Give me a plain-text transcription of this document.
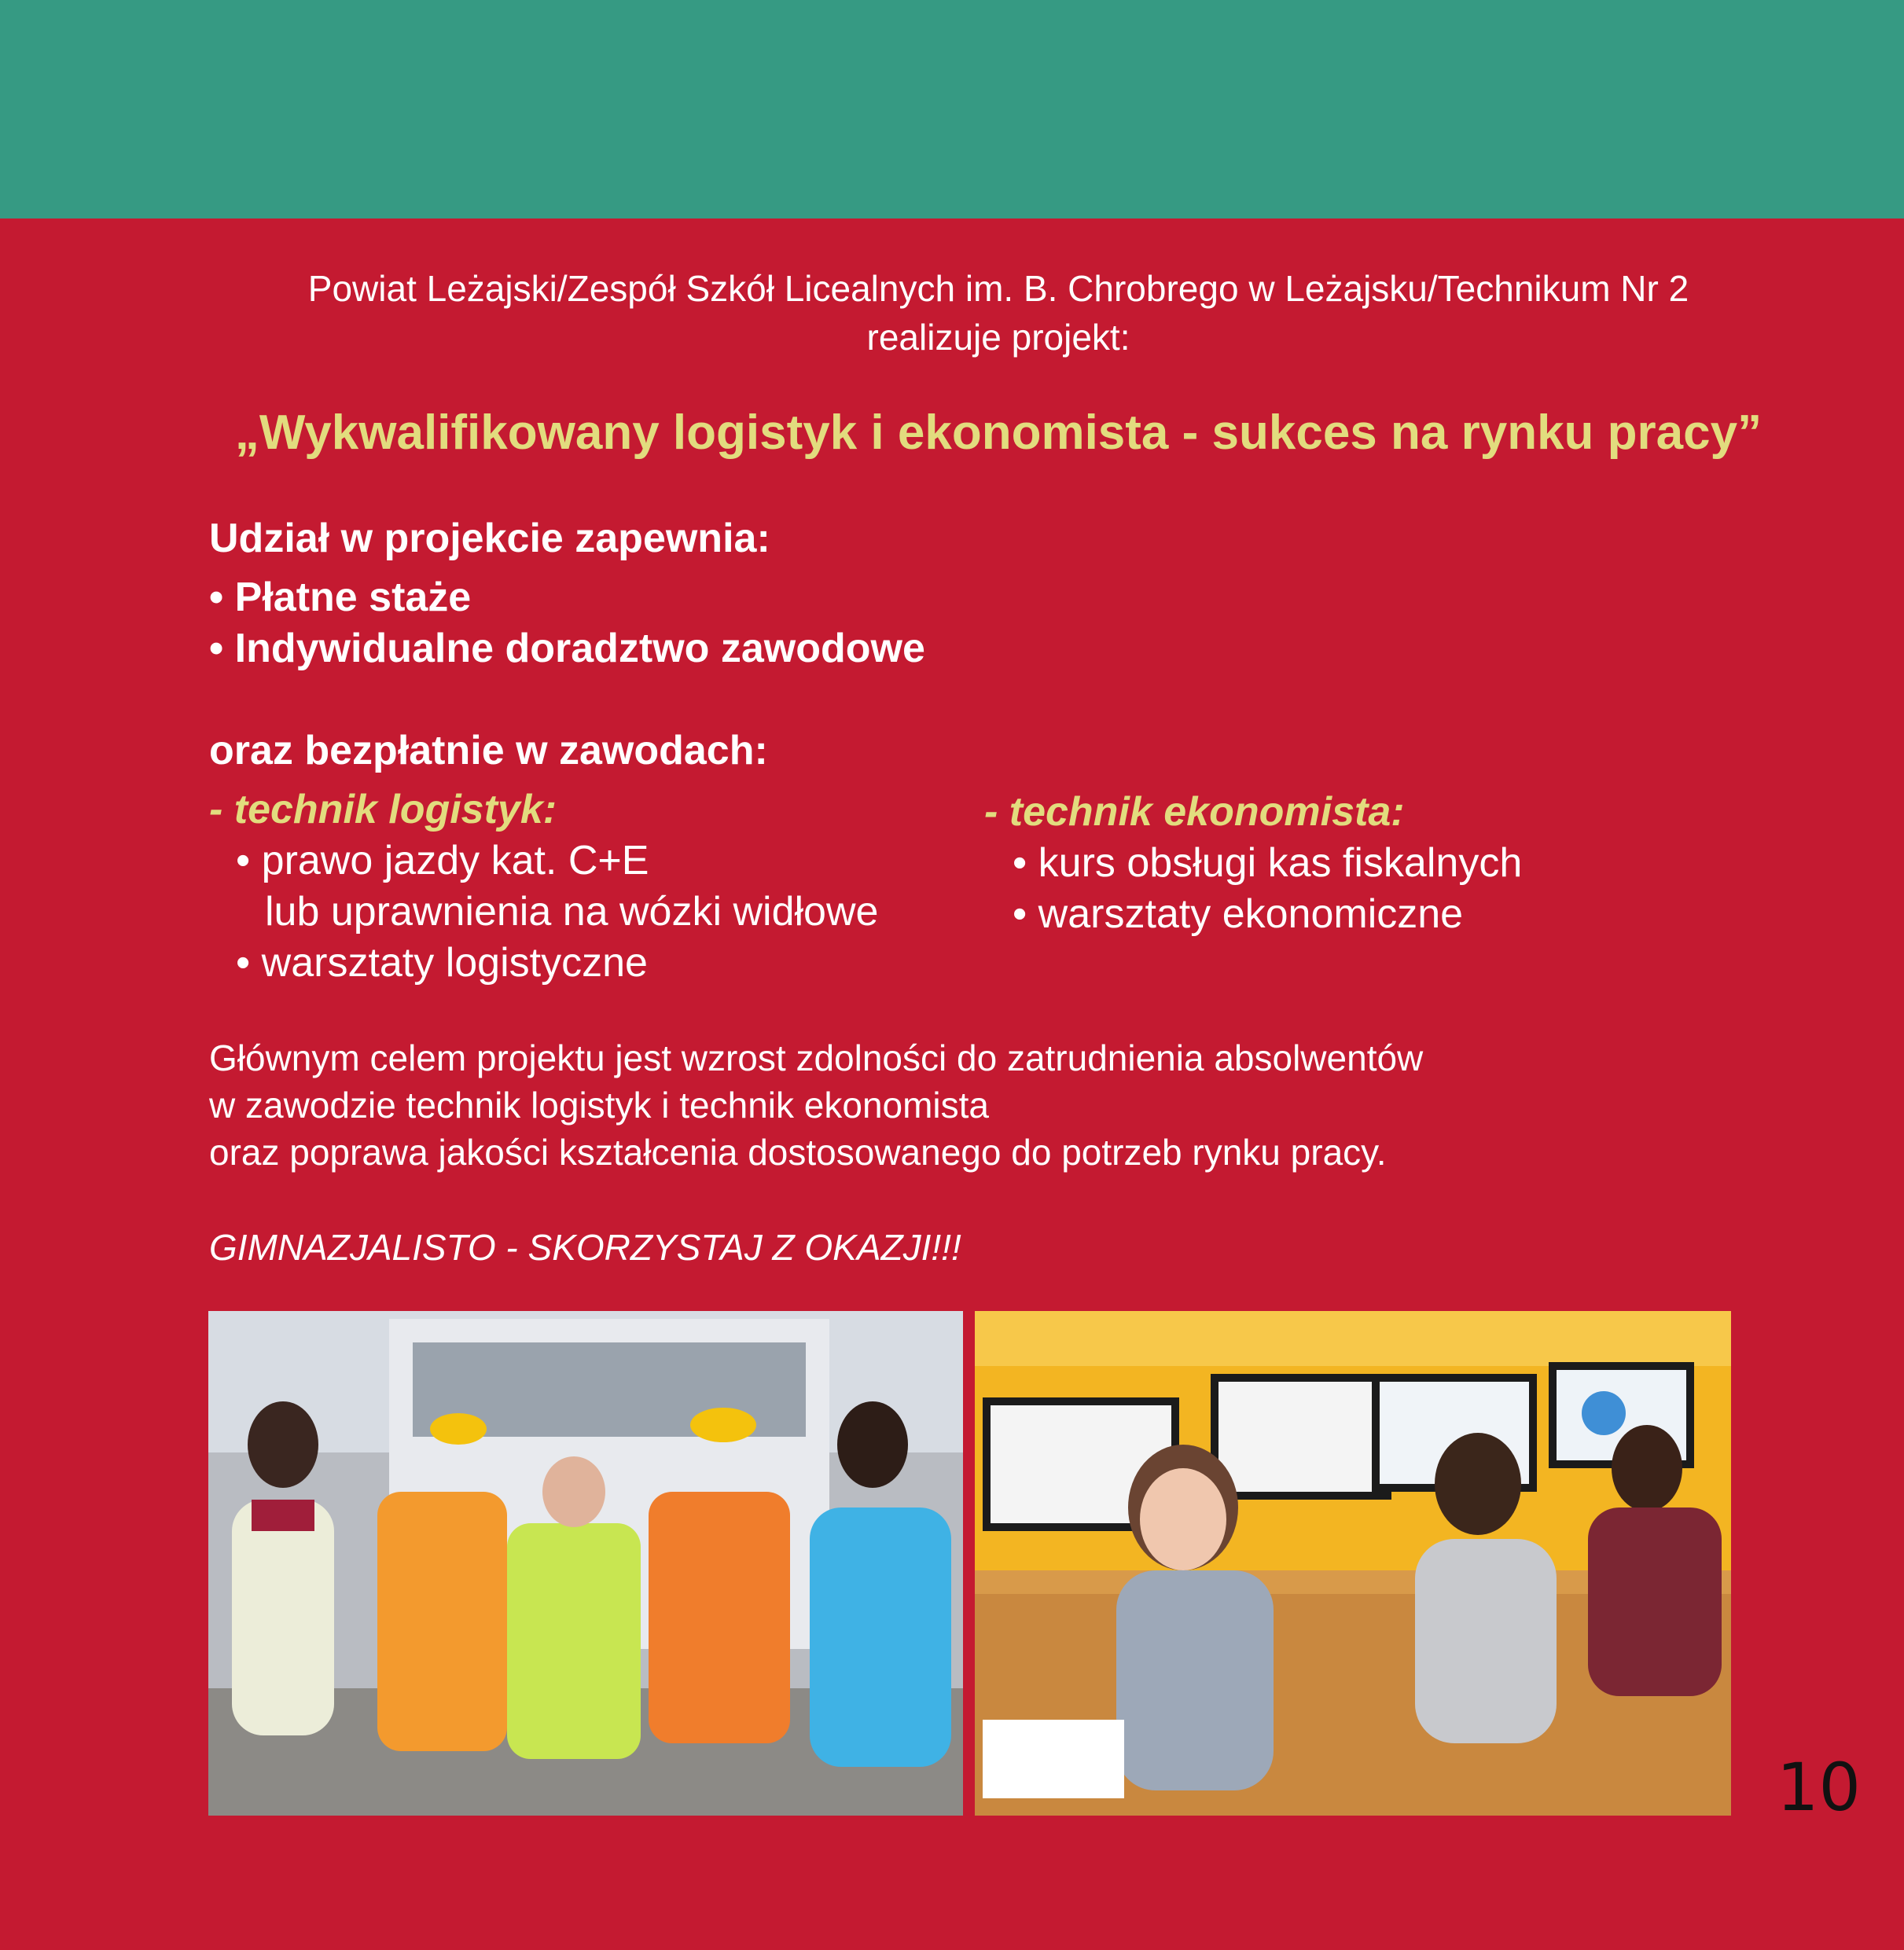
Powiat Leżajski/Zespół Szkół Licealnych im. B. Chrobrego w Leżajsku/Technikum Nr 2
realizuje projekt:

„Wykwalifikowany logistyk i ekonomista - sukces na rynku pracy”

Udział w projekcie zapewnia:

• Płatne staże

• Indywidualne doradztwo zawodowe

oraz bezpłatnie w zawodach:

- technik logistyk:

• prawo jazdy kat. C+E

lub uprawnienia na wózki widłowe

• warsztaty logistyczne

- technik ekonomista:

• kurs obsługi kas fiskalnych

• warsztaty ekonomiczne

Głównym celem projektu jest wzrost zdolności do zatrudnienia absolwentów
w zawodzie technik logistyk i technik ekonomista
oraz poprawa jakości kształcenia dostosowanego do potrzeb rynku pracy.

GIMNAZJALISTO - SKORZYSTAJ Z OKAZJI!!!

10
